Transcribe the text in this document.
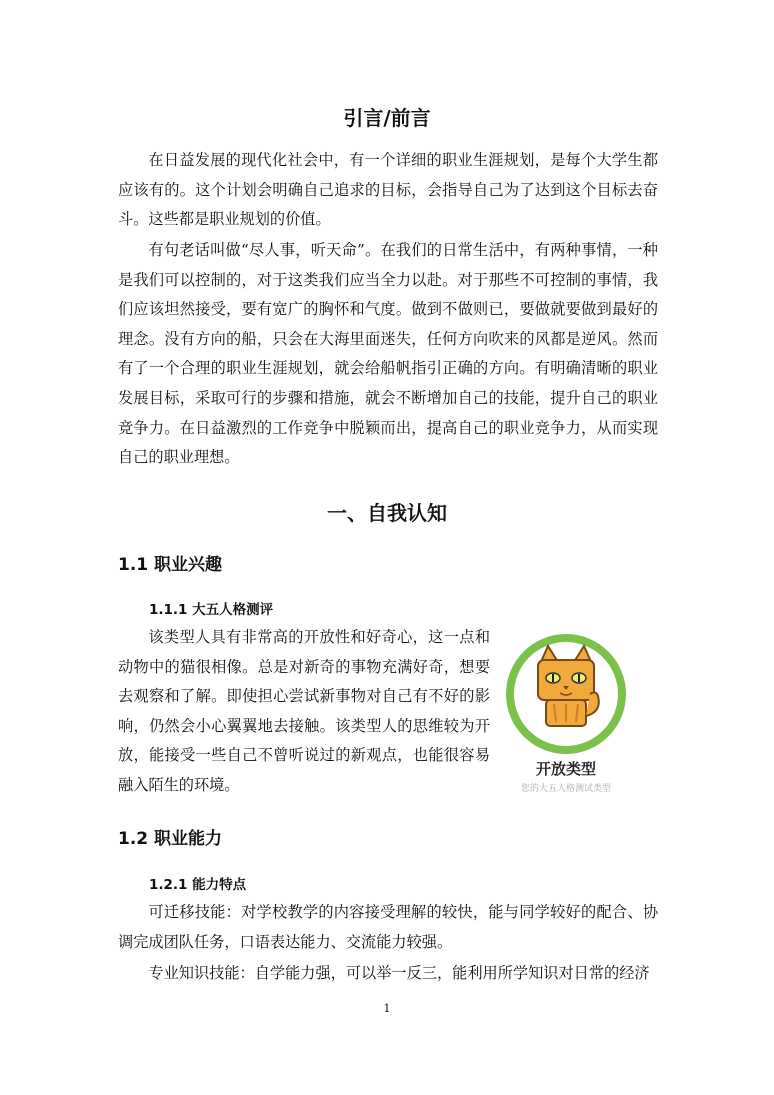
引言/前言

在日益发展的现代化社会中，有一个详细的职业生涯规划，是每个大学生都应该有的。这个计划会明确自己追求的目标，会指导自己为了达到这个目标去奋斗。这些都是职业规划的价值。

有句老话叫做“尽人事，听天命”。在我们的日常生活中，有两种事情，一种是我们可以控制的，对于这类我们应当全力以赴。对于那些不可控制的事情，我们应该坦然接受，要有宽广的胸怀和气度。做到不做则已，要做就要做到最好的理念。没有方向的船，只会在大海里面迷失，任何方向吹来的风都是逆风。然而有了一个合理的职业生涯规划，就会给船帆指引正确的方向。有明确清晰的职业发展目标，采取可行的步骤和措施，就会不断增加自己的技能，提升自己的职业竞争力。在日益激烈的工作竞争中脱颖而出，提高自己的职业竞争力，从而实现自己的职业理想。

一、自我认知
1.1 职业兴趣
1.1.1 大五人格测评

该类型人具有非常高的开放性和好奇心，这一点和动物中的猫很相像。总是对新奇的事物充满好奇，想要去观察和了解。即使担心尝试新事物对自己有不好的影响，仍然会小心翼翼地去接触。该类型人的思维较为开放，能接受一些自己不曾听说过的新观点，也能很容易融入陌生的环境。

开放类型
您的大五人格测试类型
1.2 职业能力
1.2.1 能力特点

可迁移技能：对学校教学的内容接受理解的较快，能与同学较好的配合、协调完成团队任务，口语表达能力、交流能力较强。

专业知识技能：自学能力强，可以举一反三，能利用所学知识对日常的经济

1
